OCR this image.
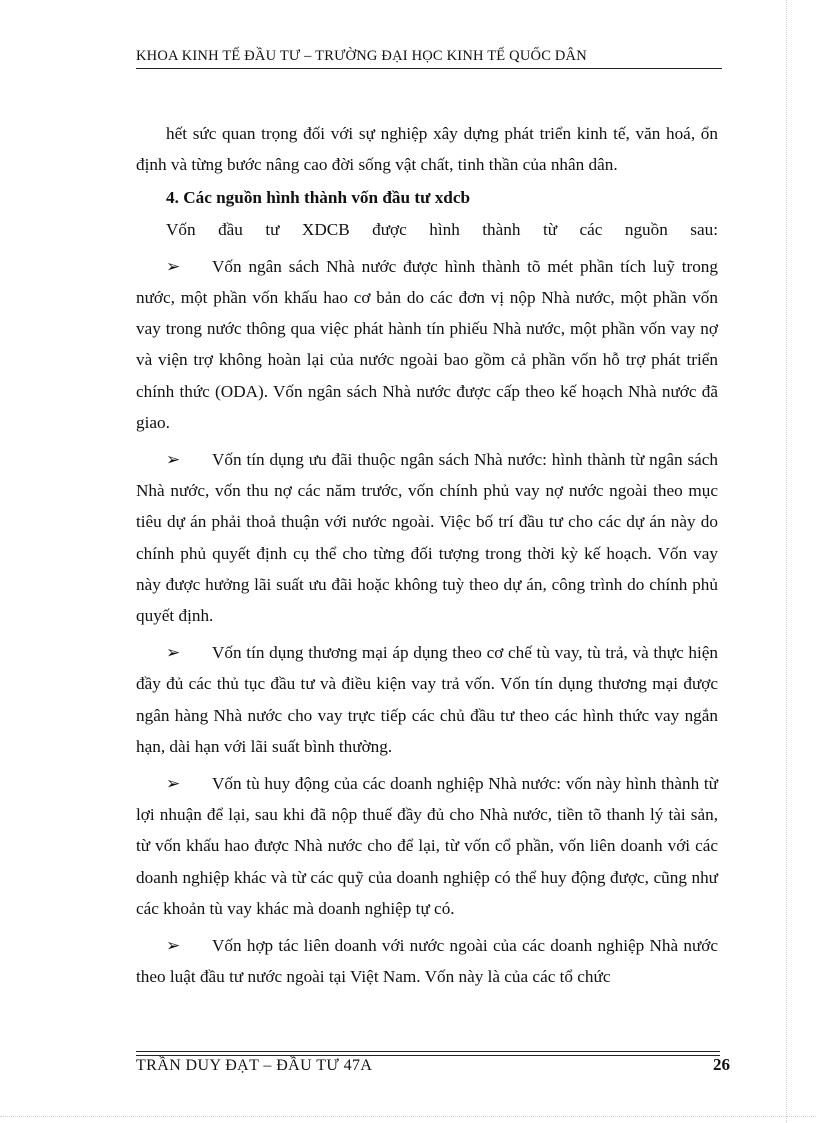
KHOA KINH TẾ ĐẦU TƯ – TRƯỜNG ĐẠI HỌC KINH TẾ QUỐC DÂN

hết sức quan trọng đối với sự nghiệp xây dựng phát triển kinh tế, văn hoá, ổn định và từng bước nâng cao đời sống vật chất, tinh thần của nhân dân.

4. Các nguồn hình thành vốn đầu tư xdcb

Vốn đầu tư XDCB được hình thành từ các nguồn sau:

➢ Vốn ngân sách Nhà nước được hình thành tõ mét phần tích luỹ trong nước, một phần vốn khấu hao cơ bản do các đơn vị nộp Nhà nước, một phần vốn vay trong nước thông qua việc phát hành tín phiếu Nhà nước, một phần vốn vay nợ và viện trợ không hoàn lại của nước ngoài bao gồm cả phần vốn hỗ trợ phát triển chính thức (ODA). Vốn ngân sách Nhà nước được cấp theo kế hoạch Nhà nước đã giao.

➢ Vốn tín dụng ưu đãi thuộc ngân sách Nhà nước: hình thành từ ngân sách Nhà nước, vốn thu nợ các năm trước, vốn chính phủ vay nợ nước ngoài theo mục tiêu dự án phải thoả thuận với nước ngoài. Việc bố trí đầu tư cho các dự án này do chính phủ quyết định cụ thể cho từng đối tượng trong thời kỳ kế hoạch. Vốn vay này được hưởng lãi suất ưu đãi hoặc không tuỳ theo dự án, công trình do chính phủ quyết định.

➢ Vốn tín dụng thương mại áp dụng theo cơ chế tù vay, tù trả, và thực hiện đầy đủ các thủ tục đầu tư và điều kiện vay trả vốn. Vốn tín dụng thương mại được ngân hàng Nhà nước cho vay trực tiếp các chủ đầu tư theo các hình thức vay ngắn hạn, dài hạn với lãi suất bình thường.

➢ Vốn tù huy động của các doanh nghiệp Nhà nước: vốn này hình thành từ lợi nhuận để lại, sau khi đã nộp thuế đầy đủ cho Nhà nước, tiền tõ thanh lý tài sản, từ vốn khấu hao được Nhà nước cho để lại, từ vốn cổ phần, vốn liên doanh với các doanh nghiệp khác và từ các quỹ của doanh nghiệp có thể huy động được, cũng như các khoản tù vay khác mà doanh nghiệp tự có.

➢ Vốn hợp tác liên doanh với nước ngoài của các doanh nghiệp Nhà nước theo luật đầu tư nước ngoài tại Việt Nam. Vốn này là của các tổ chức

TRẦN DUY ĐẠT – ĐẦU TƯ 47A	26
